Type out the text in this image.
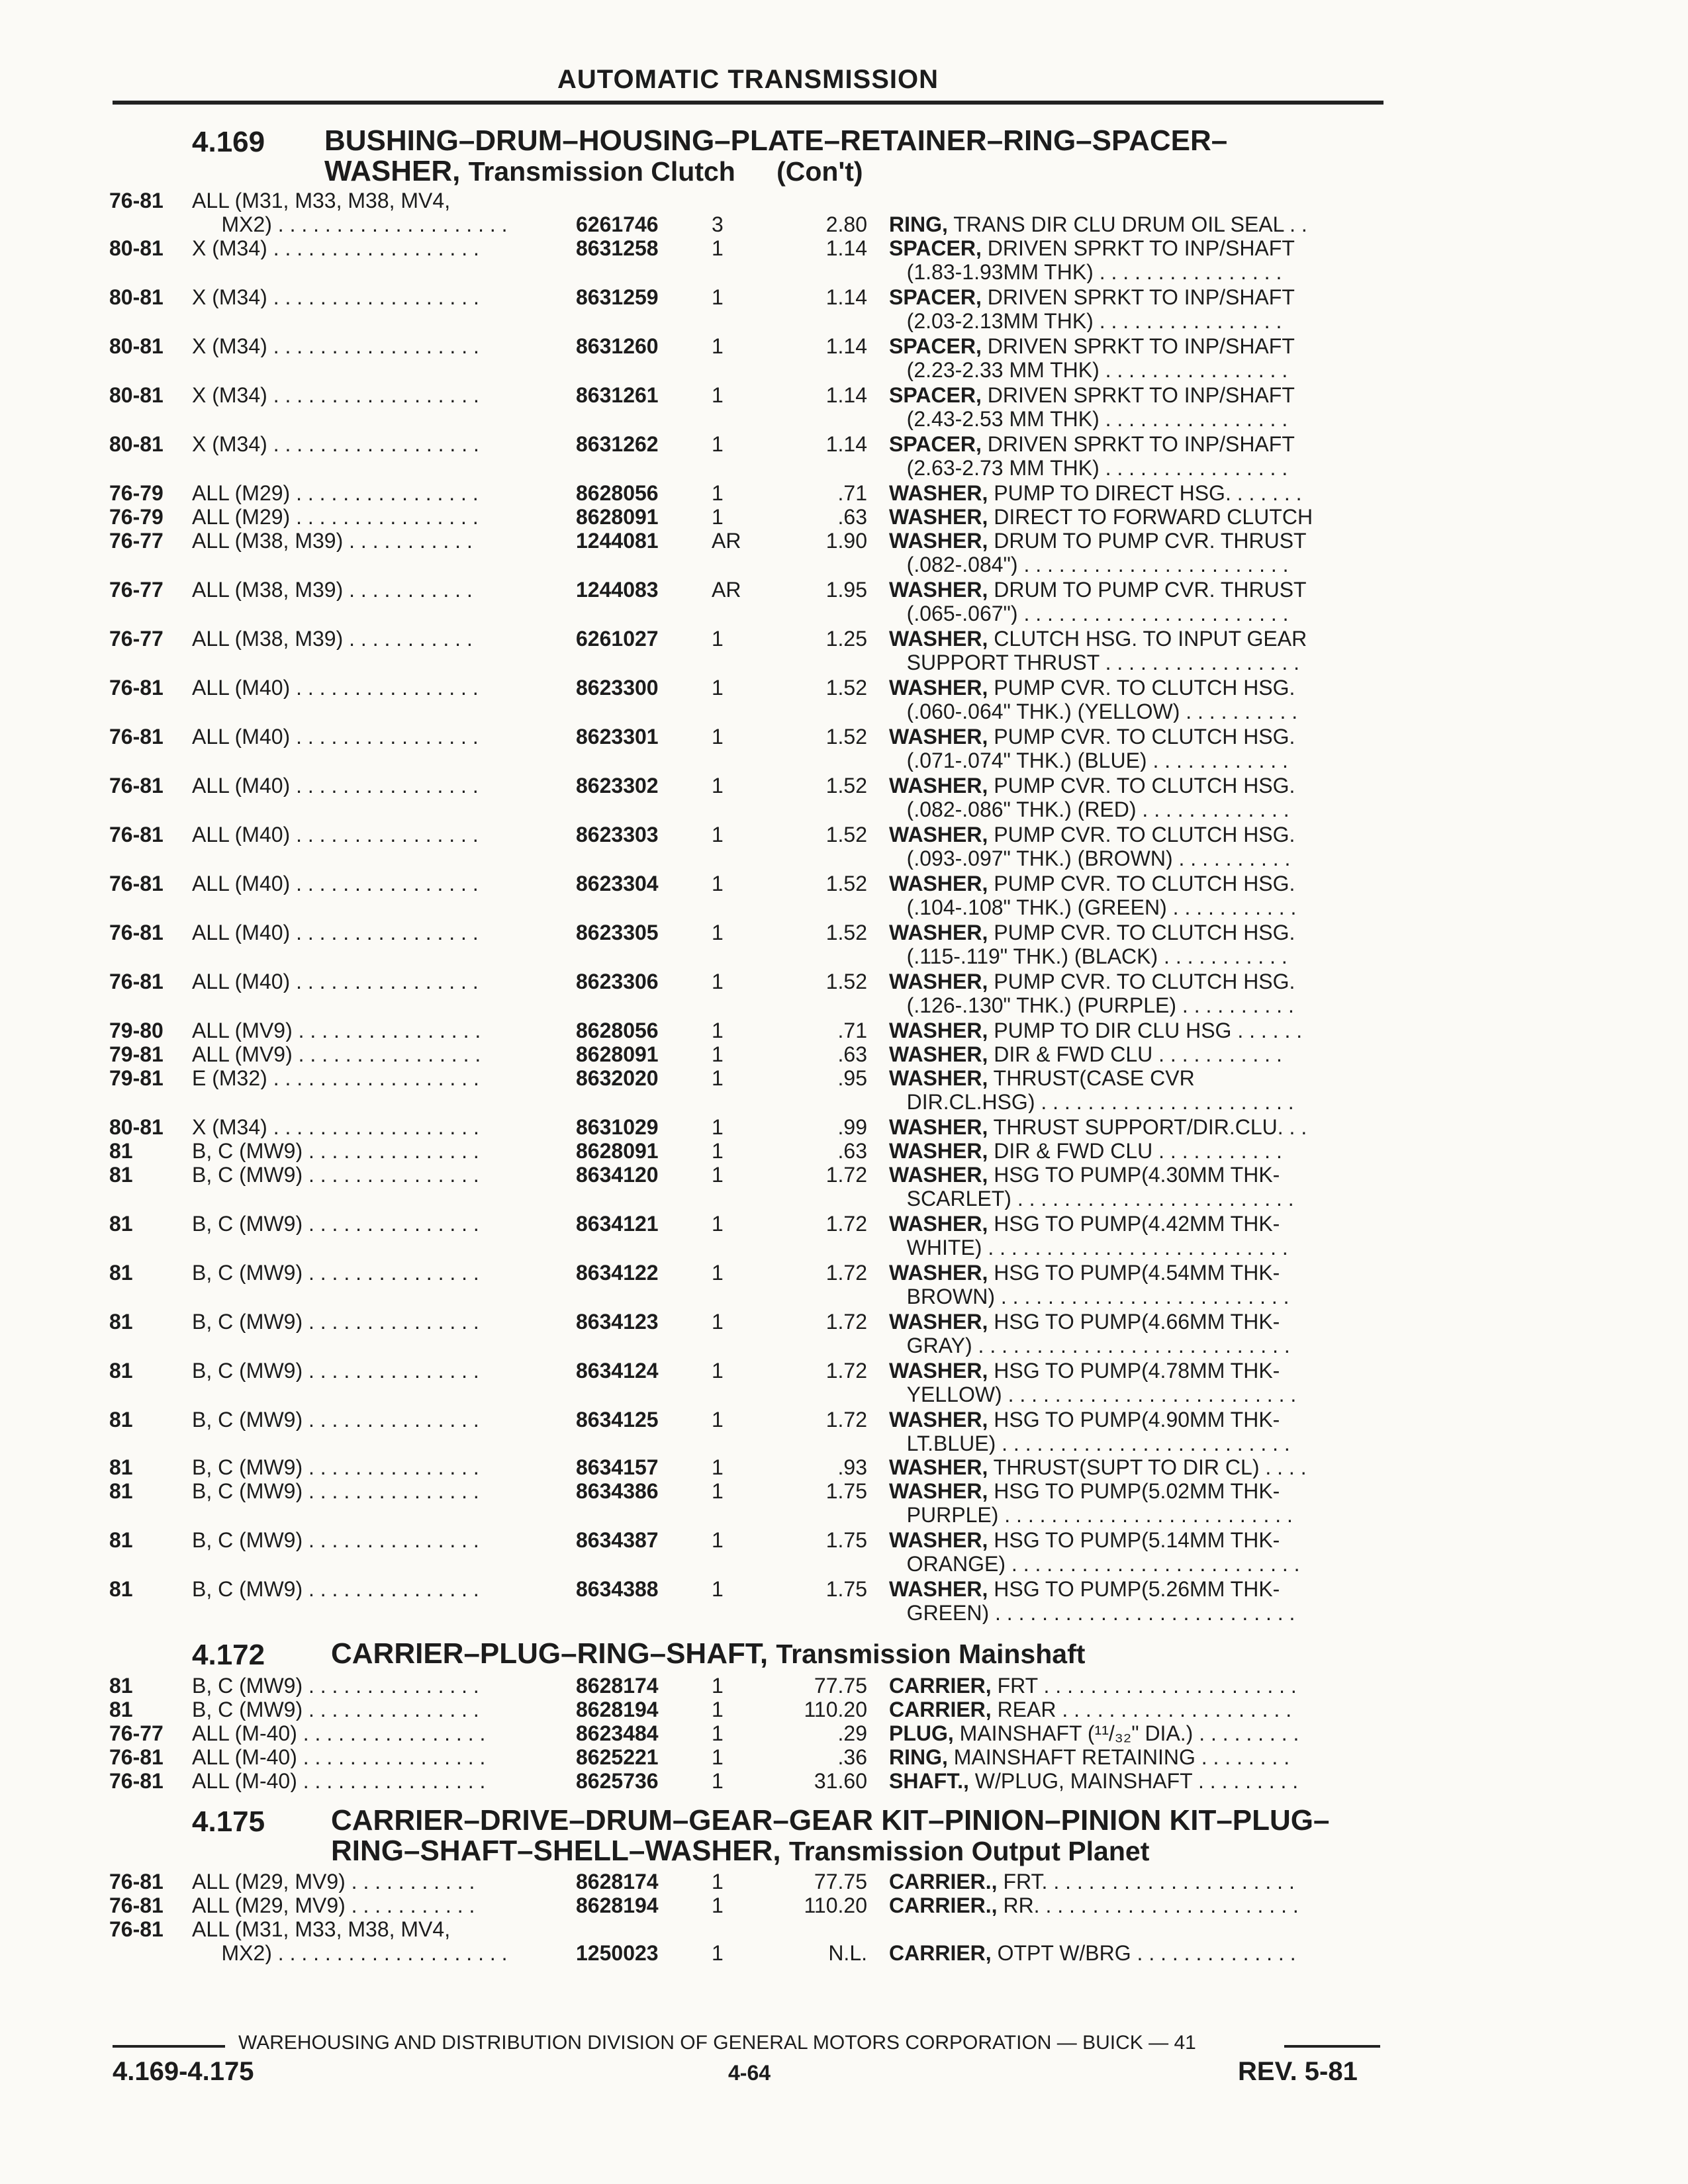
AUTOMATIC TRANSMISSION
4.169 BUSHING–DRUM–HOUSING–PLATE–RETAINER–RING–SPACER–
WASHER, Transmission Clutch (Con't)
4.172 CARRIER–PLUG–RING–SHAFT, Transmission Mainshaft
4.175 CARRIER–DRIVE–DRUM–GEAR–GEAR KIT–PINION–PINION KIT–PLUG–
RING–SHAFT–SHELL–WASHER, Transmission Output Planet
76-81	ALL (M31, M33, M38, MV4,
MX2) . . . . . . . . . . . . . . . . . . . .	6261746	3	2.80 RING, TRANS DIR CLU DRUM OIL SEAL . .
80-81	X (M34) . . . . . . . . . . . . . . . . . .	8631258	1	1.14 SPACER, DRIVEN SPRKT TO INP/SHAFT
(1.83-1.93MM THK) . . . . . . . . . . . . . . . .
80-81	X (M34) . . . . . . . . . . . . . . . . . .	8631259	1	1.14 SPACER, DRIVEN SPRKT TO INP/SHAFT
(2.03-2.13MM THK) . . . . . . . . . . . . . . . .
80-81	X (M34) . . . . . . . . . . . . . . . . . .	8631260	1	1.14 SPACER, DRIVEN SPRKT TO INP/SHAFT
(2.23-2.33 MM THK) . . . . . . . . . . . . . . . .
80-81	X (M34) . . . . . . . . . . . . . . . . . .	8631261	1	1.14 SPACER, DRIVEN SPRKT TO INP/SHAFT
(2.43-2.53 MM THK) . . . . . . . . . . . . . . . .
80-81	X (M34) . . . . . . . . . . . . . . . . . .	8631262	1	1.14 SPACER, DRIVEN SPRKT TO INP/SHAFT
(2.63-2.73 MM THK) . . . . . . . . . . . . . . . .
76-79	ALL (M29) . . . . . . . . . . . . . . . .	8628056	1	.71 WASHER, PUMP TO DIRECT HSG. . . . . . .
76-79	ALL (M29) . . . . . . . . . . . . . . . .	8628091	1	.63 WASHER, DIRECT TO FORWARD CLUTCH
76-77	ALL (M38, M39) . . . . . . . . . . .	1244081	AR	1.90 WASHER, DRUM TO PUMP CVR. THRUST
(.082-.084") . . . . . . . . . . . . . . . . . . . . . . .
76-77	ALL (M38, M39) . . . . . . . . . . .	1244083	AR	1.95 WASHER, DRUM TO PUMP CVR. THRUST
(.065-.067") . . . . . . . . . . . . . . . . . . . . . . .
76-77	ALL (M38, M39) . . . . . . . . . . .	6261027	1	1.25 WASHER, CLUTCH HSG. TO INPUT GEAR
SUPPORT THRUST . . . . . . . . . . . . . . . . .
76-81	ALL (M40) . . . . . . . . . . . . . . . .	8623300	1	1.52 WASHER, PUMP CVR. TO CLUTCH HSG.
(.060-.064" THK.) (YELLOW) . . . . . . . . . .
76-81	ALL (M40) . . . . . . . . . . . . . . . .	8623301	1	1.52 WASHER, PUMP CVR. TO CLUTCH HSG.
(.071-.074" THK.) (BLUE) . . . . . . . . . . . .
76-81	ALL (M40) . . . . . . . . . . . . . . . .	8623302	1	1.52 WASHER, PUMP CVR. TO CLUTCH HSG.
(.082-.086" THK.) (RED) . . . . . . . . . . . . .
76-81	ALL (M40) . . . . . . . . . . . . . . . .	8623303	1	1.52 WASHER, PUMP CVR. TO CLUTCH HSG.
(.093-.097" THK.) (BROWN) . . . . . . . . . .
76-81	ALL (M40) . . . . . . . . . . . . . . . .	8623304	1	1.52 WASHER, PUMP CVR. TO CLUTCH HSG.
(.104-.108" THK.) (GREEN) . . . . . . . . . . .
76-81	ALL (M40) . . . . . . . . . . . . . . . .	8623305	1	1.52 WASHER, PUMP CVR. TO CLUTCH HSG.
(.115-.119" THK.) (BLACK) . . . . . . . . . . .
76-81	ALL (M40) . . . . . . . . . . . . . . . .	8623306	1	1.52 WASHER, PUMP CVR. TO CLUTCH HSG.
(.126-.130" THK.) (PURPLE) . . . . . . . . . .
79-80	ALL (MV9) . . . . . . . . . . . . . . . .	8628056	1	.71 WASHER, PUMP TO DIR CLU HSG . . . . . .
79-81	ALL (MV9) . . . . . . . . . . . . . . . .	8628091	1	.63 WASHER, DIR & FWD CLU . . . . . . . . . . .
79-81	E (M32) . . . . . . . . . . . . . . . . . .	8632020	1	.95 WASHER, THRUST(CASE CVR
DIR.CL.HSG) . . . . . . . . . . . . . . . . . . . . . .
80-81	X (M34) . . . . . . . . . . . . . . . . . .	8631029	1	.99 WASHER, THRUST SUPPORT/DIR.CLU. . .
81	B, C (MW9) . . . . . . . . . . . . . . .	8628091	1	.63 WASHER, DIR & FWD CLU . . . . . . . . . . .
81	B, C (MW9) . . . . . . . . . . . . . . .	8634120	1	1.72 WASHER, HSG TO PUMP(4.30MM THK-
SCARLET) . . . . . . . . . . . . . . . . . . . . . . . .
81	B, C (MW9) . . . . . . . . . . . . . . .	8634121	1	1.72 WASHER, HSG TO PUMP(4.42MM THK-
WHITE) . . . . . . . . . . . . . . . . . . . . . . . . . .
81	B, C (MW9) . . . . . . . . . . . . . . .	8634122	1	1.72 WASHER, HSG TO PUMP(4.54MM THK-
BROWN) . . . . . . . . . . . . . . . . . . . . . . . . .
81	B, C (MW9) . . . . . . . . . . . . . . .	8634123	1	1.72 WASHER, HSG TO PUMP(4.66MM THK-
GRAY) . . . . . . . . . . . . . . . . . . . . . . . . . . .
81	B, C (MW9) . . . . . . . . . . . . . . .	8634124	1	1.72 WASHER, HSG TO PUMP(4.78MM THK-
YELLOW) . . . . . . . . . . . . . . . . . . . . . . . . .
81	B, C (MW9) . . . . . . . . . . . . . . .	8634125	1	1.72 WASHER, HSG TO PUMP(4.90MM THK-
LT.BLUE) . . . . . . . . . . . . . . . . . . . . . . . . .
81	B, C (MW9) . . . . . . . . . . . . . . .	8634157	1	.93 WASHER, THRUST(SUPT TO DIR CL) . . . .
81	B, C (MW9) . . . . . . . . . . . . . . .	8634386	1	1.75 WASHER, HSG TO PUMP(5.02MM THK-
PURPLE) . . . . . . . . . . . . . . . . . . . . . . . . .
81	B, C (MW9) . . . . . . . . . . . . . . .	8634387	1	1.75 WASHER, HSG TO PUMP(5.14MM THK-
ORANGE) . . . . . . . . . . . . . . . . . . . . . . . . .
81	B, C (MW9) . . . . . . . . . . . . . . .	8634388	1	1.75 WASHER, HSG TO PUMP(5.26MM THK-
GREEN) . . . . . . . . . . . . . . . . . . . . . . . . . .
81	B, C (MW9) . . . . . . . . . . . . . . .	8628174	1	77.75 CARRIER, FRT . . . . . . . . . . . . . . . . . . . . . .
81	B, C (MW9) . . . . . . . . . . . . . . .	8628194	1	110.20 CARRIER, REAR . . . . . . . . . . . . . . . . . . . .
76-77	ALL (M-40) . . . . . . . . . . . . . . . .	8623484	1	.29 PLUG, MAINSHAFT (¹¹/₃₂" DIA.) . . . . . . . . .
76-81	ALL (M-40) . . . . . . . . . . . . . . . .	8625221	1	.36 RING, MAINSHAFT RETAINING . . . . . . . .
76-81	ALL (M-40) . . . . . . . . . . . . . . . .	8625736	1	31.60 SHAFT., W/PLUG, MAINSHAFT . . . . . . . . .
76-81	ALL (M29, MV9) . . . . . . . . . . .	8628174	1	77.75 CARRIER., FRT. . . . . . . . . . . . . . . . . . . . . .
76-81	ALL (M29, MV9) . . . . . . . . . . .	8628194	1	110.20 CARRIER., RR. . . . . . . . . . . . . . . . . . . . . . .
76-81	ALL (M31, M33, M38, MV4,
MX2) . . . . . . . . . . . . . . . . . . . .	1250023	1	N.L. CARRIER, OTPT W/BRG . . . . . . . . . . . . . .
WAREHOUSING AND DISTRIBUTION DIVISION OF GENERAL MOTORS CORPORATION — BUICK — 41
4.169-4.175	4-64	REV. 5-81
